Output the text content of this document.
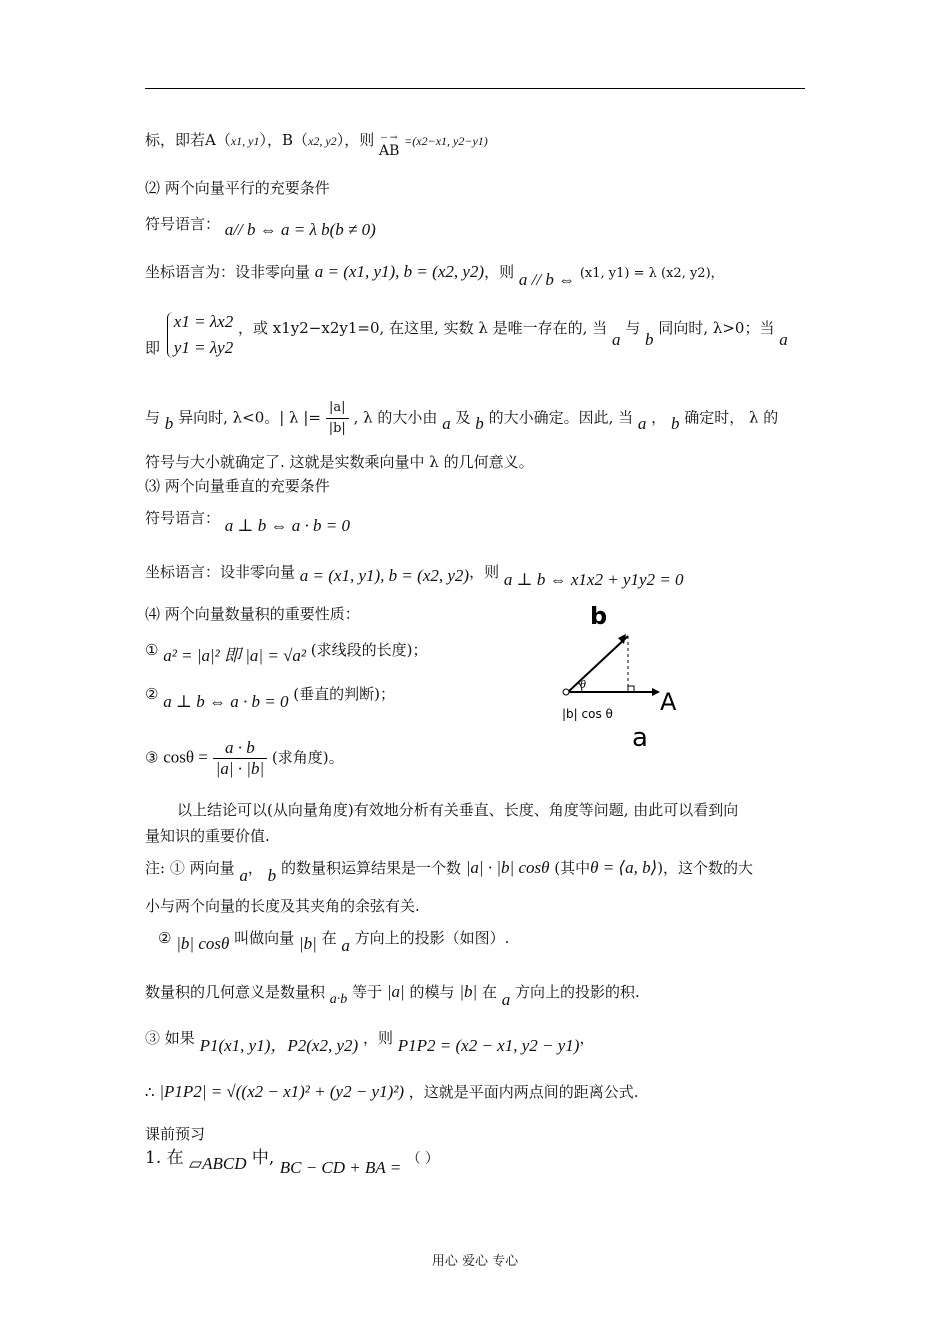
标，即若A（x1, y1），B（x2, y2），则 -- →
AB =(x2−x1, y2−y1)
⑵ 两个向量平行的充要条件
符号语言： a// b ⇔ a = λ b(b ≠ 0)
坐标语言为：设非零向量 a = (x1, y1), b = (x2, y2)，则 a // b ⇔ (x1, y1) = λ (x2, y2)，
即
x1 = λx2
y1 = λy2
，或 x1y2−x2y1=0, 在这里, 实数 λ 是唯一存在的, 当 a 与 b 同向时, λ>0；当 a
与 b 异向时, λ<0。| λ |= $\frac{|a|}{|b|}$ , λ 的大小由 a 及 b 的大小确定。因此, 当 a ， b 确定时， λ 的
符号与大小就确定了. 这就是实数乘向量中 λ 的几何意义。
⑶ 两个向量垂直的充要条件
符号语言： a ⊥ b ⇔ a · b = 0
坐标语言：设非零向量 a = (x1, y1), b = (x2, y2)，则 a ⊥ b ⇔ x1x2 + y1y2 = 0
⑷ 两个向量数量积的重要性质：
① a² = |a|² 即 |a| = √a² (求线段的长度)；
② a ⊥ b ⇔ a · b = 0 (垂直的判断)；
③ $\cos\theta = \frac{a \cdot b}{|a| \cdot |b|}$ (求角度)。
b
A
a
θ
|b| cos θ
以上结论可以(从向量角度)有效地分析有关垂直、长度、角度等问题, 由此可以看到向
量知识的重要价值.
注: ① 两向量 a， b 的数量积运算结果是一个数 |a| · |b| cosθ (其中θ = ⟨a, b⟩)，这个数的大
小与两个向量的长度及其夹角的余弦有关.
② |b| cosθ 叫做向量 |b| 在 a 方向上的投影（如图）.
数量积的几何意义是数量积 a·b 等于 |a| 的模与 |b| 在 a 方向上的投影的积.
③ 如果 P1(x1, y1)，P2(x2, y2) ，则 P1P2 = (x2 − x1, y2 − y1)，
∴ |P1P2| = √((x2 − x1)² + (y2 − y1)²) ，这就是平面内两点间的距离公式.
课前预习
1. 在 ▱ABCD 中, BC − CD + BA = （ ）
用心 爱心 专心
